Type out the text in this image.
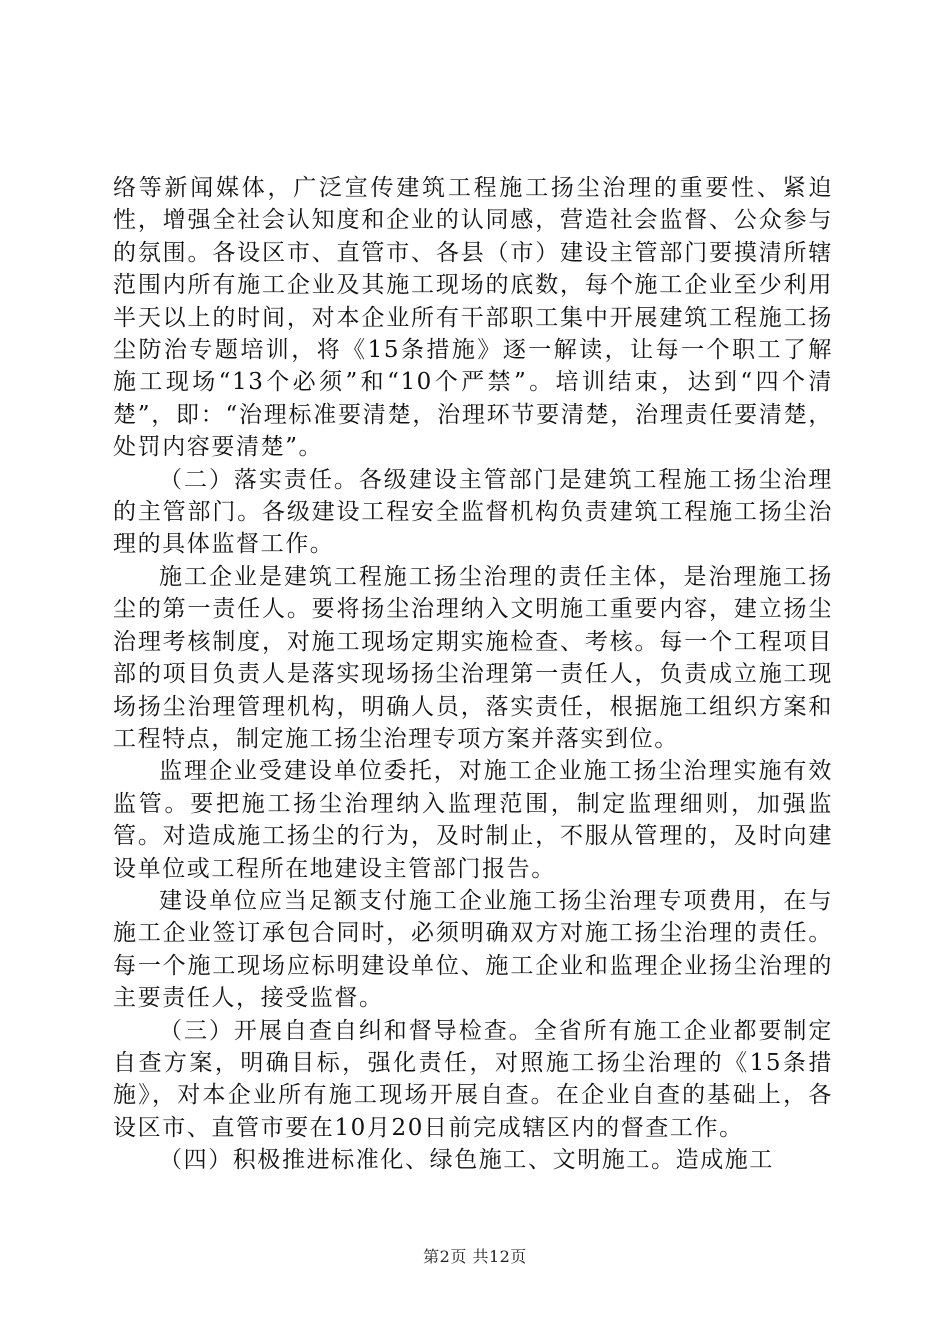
络等新闻媒体，广泛宣传建筑工程施工扬尘治理的重要性、紧迫性，增强全社会认知度和企业的认同感，营造社会监督、公众参与的氛围。各设区市、直管市、各县（市）建设主管部门要摸清所辖范围内所有施工企业及其施工现场的底数，每个施工企业至少利用半天以上的时间，对本企业所有干部职工集中开展建筑工程施工扬尘防治专题培训，将《15条措施》逐一解读，让每一个职工了解施工现场“13个必须”和“10个严禁”。培训结束，达到“四个清楚”，即：“治理标准要清楚，治理环节要清楚，治理责任要清楚，处罚内容要清楚”。

（二）落实责任。各级建设主管部门是建筑工程施工扬尘治理的主管部门。各级建设工程安全监督机构负责建筑工程施工扬尘治理的具体监督工作。

施工企业是建筑工程施工扬尘治理的责任主体，是治理施工扬尘的第一责任人。要将扬尘治理纳入文明施工重要内容，建立扬尘治理考核制度，对施工现场定期实施检查、考核。每一个工程项目部的项目负责人是落实现场扬尘治理第一责任人，负责成立施工现场扬尘治理管理机构，明确人员，落实责任，根据施工组织方案和工程特点，制定施工扬尘治理专项方案并落实到位。

监理企业受建设单位委托，对施工企业施工扬尘治理实施有效监管。要把施工扬尘治理纳入监理范围，制定监理细则，加强监管。对造成施工扬尘的行为，及时制止，不服从管理的，及时向建设单位或工程所在地建设主管部门报告。

建设单位应当足额支付施工企业施工扬尘治理专项费用，在与施工企业签订承包合同时，必须明确双方对施工扬尘治理的责任。每一个施工现场应标明建设单位、施工企业和监理企业扬尘治理的主要责任人，接受监督。

（三）开展自查自纠和督导检查。全省所有施工企业都要制定自查方案，明确目标，强化责任，对照施工扬尘治理的《15条措施》，对本企业所有施工现场开展自查。在企业自查的基础上，各设区市、直管市要在10月20日前完成辖区内的督查工作。

（四）积极推进标准化、绿色施工、文明施工。造成施工

第2页 共12页
